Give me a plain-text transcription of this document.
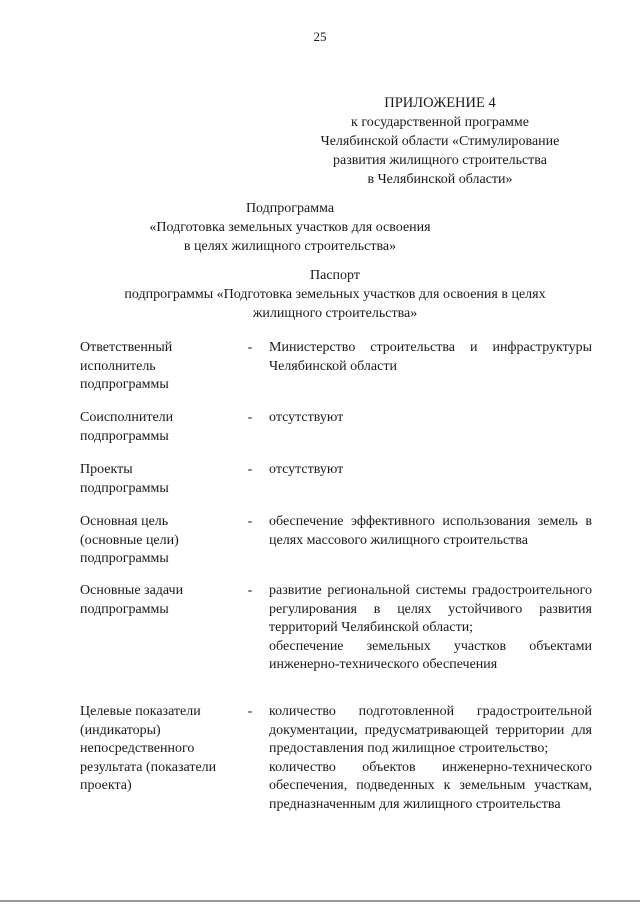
25
ПРИЛОЖЕНИЕ 4
к государственной программе
Челябинской области «Стимулирование
развития жилищного строительства
в Челябинской области»
Подпрограмма
«Подготовка земельных участков для освоения
в целях жилищного строительства»
Паспорт
подпрограммы «Подготовка земельных участков для освоения в целях
жилищного строительства»
Ответственный
исполнитель
подпрограммы
- Министерство строительства и инфраструктуры Челябинской области

Соисполнители
подпрограммы
- отсутствуют

Проекты
подпрограммы
- отсутствуют

Основная цель
(основные цели)
подпрограммы
- обеспечение эффективного использования земель в целях массового жилищного строительства

Основные задачи
подпрограммы
- развитие региональной системы градостроительного регулирования в целях устойчивого развития территорий Челябинской области;

обеспечение земельных участков объектами инженерно-технического обеспечения

Целевые показатели
(индикаторы)
непосредственного
результата (показатели
проекта)
- количество подготовленной градостроительной документации, предусматривающей территории для предоставления под жилищное строительство;

количество объектов инженерно-технического обеспечения, подведенных к земельным участкам, предназначенным для жилищного строительства
